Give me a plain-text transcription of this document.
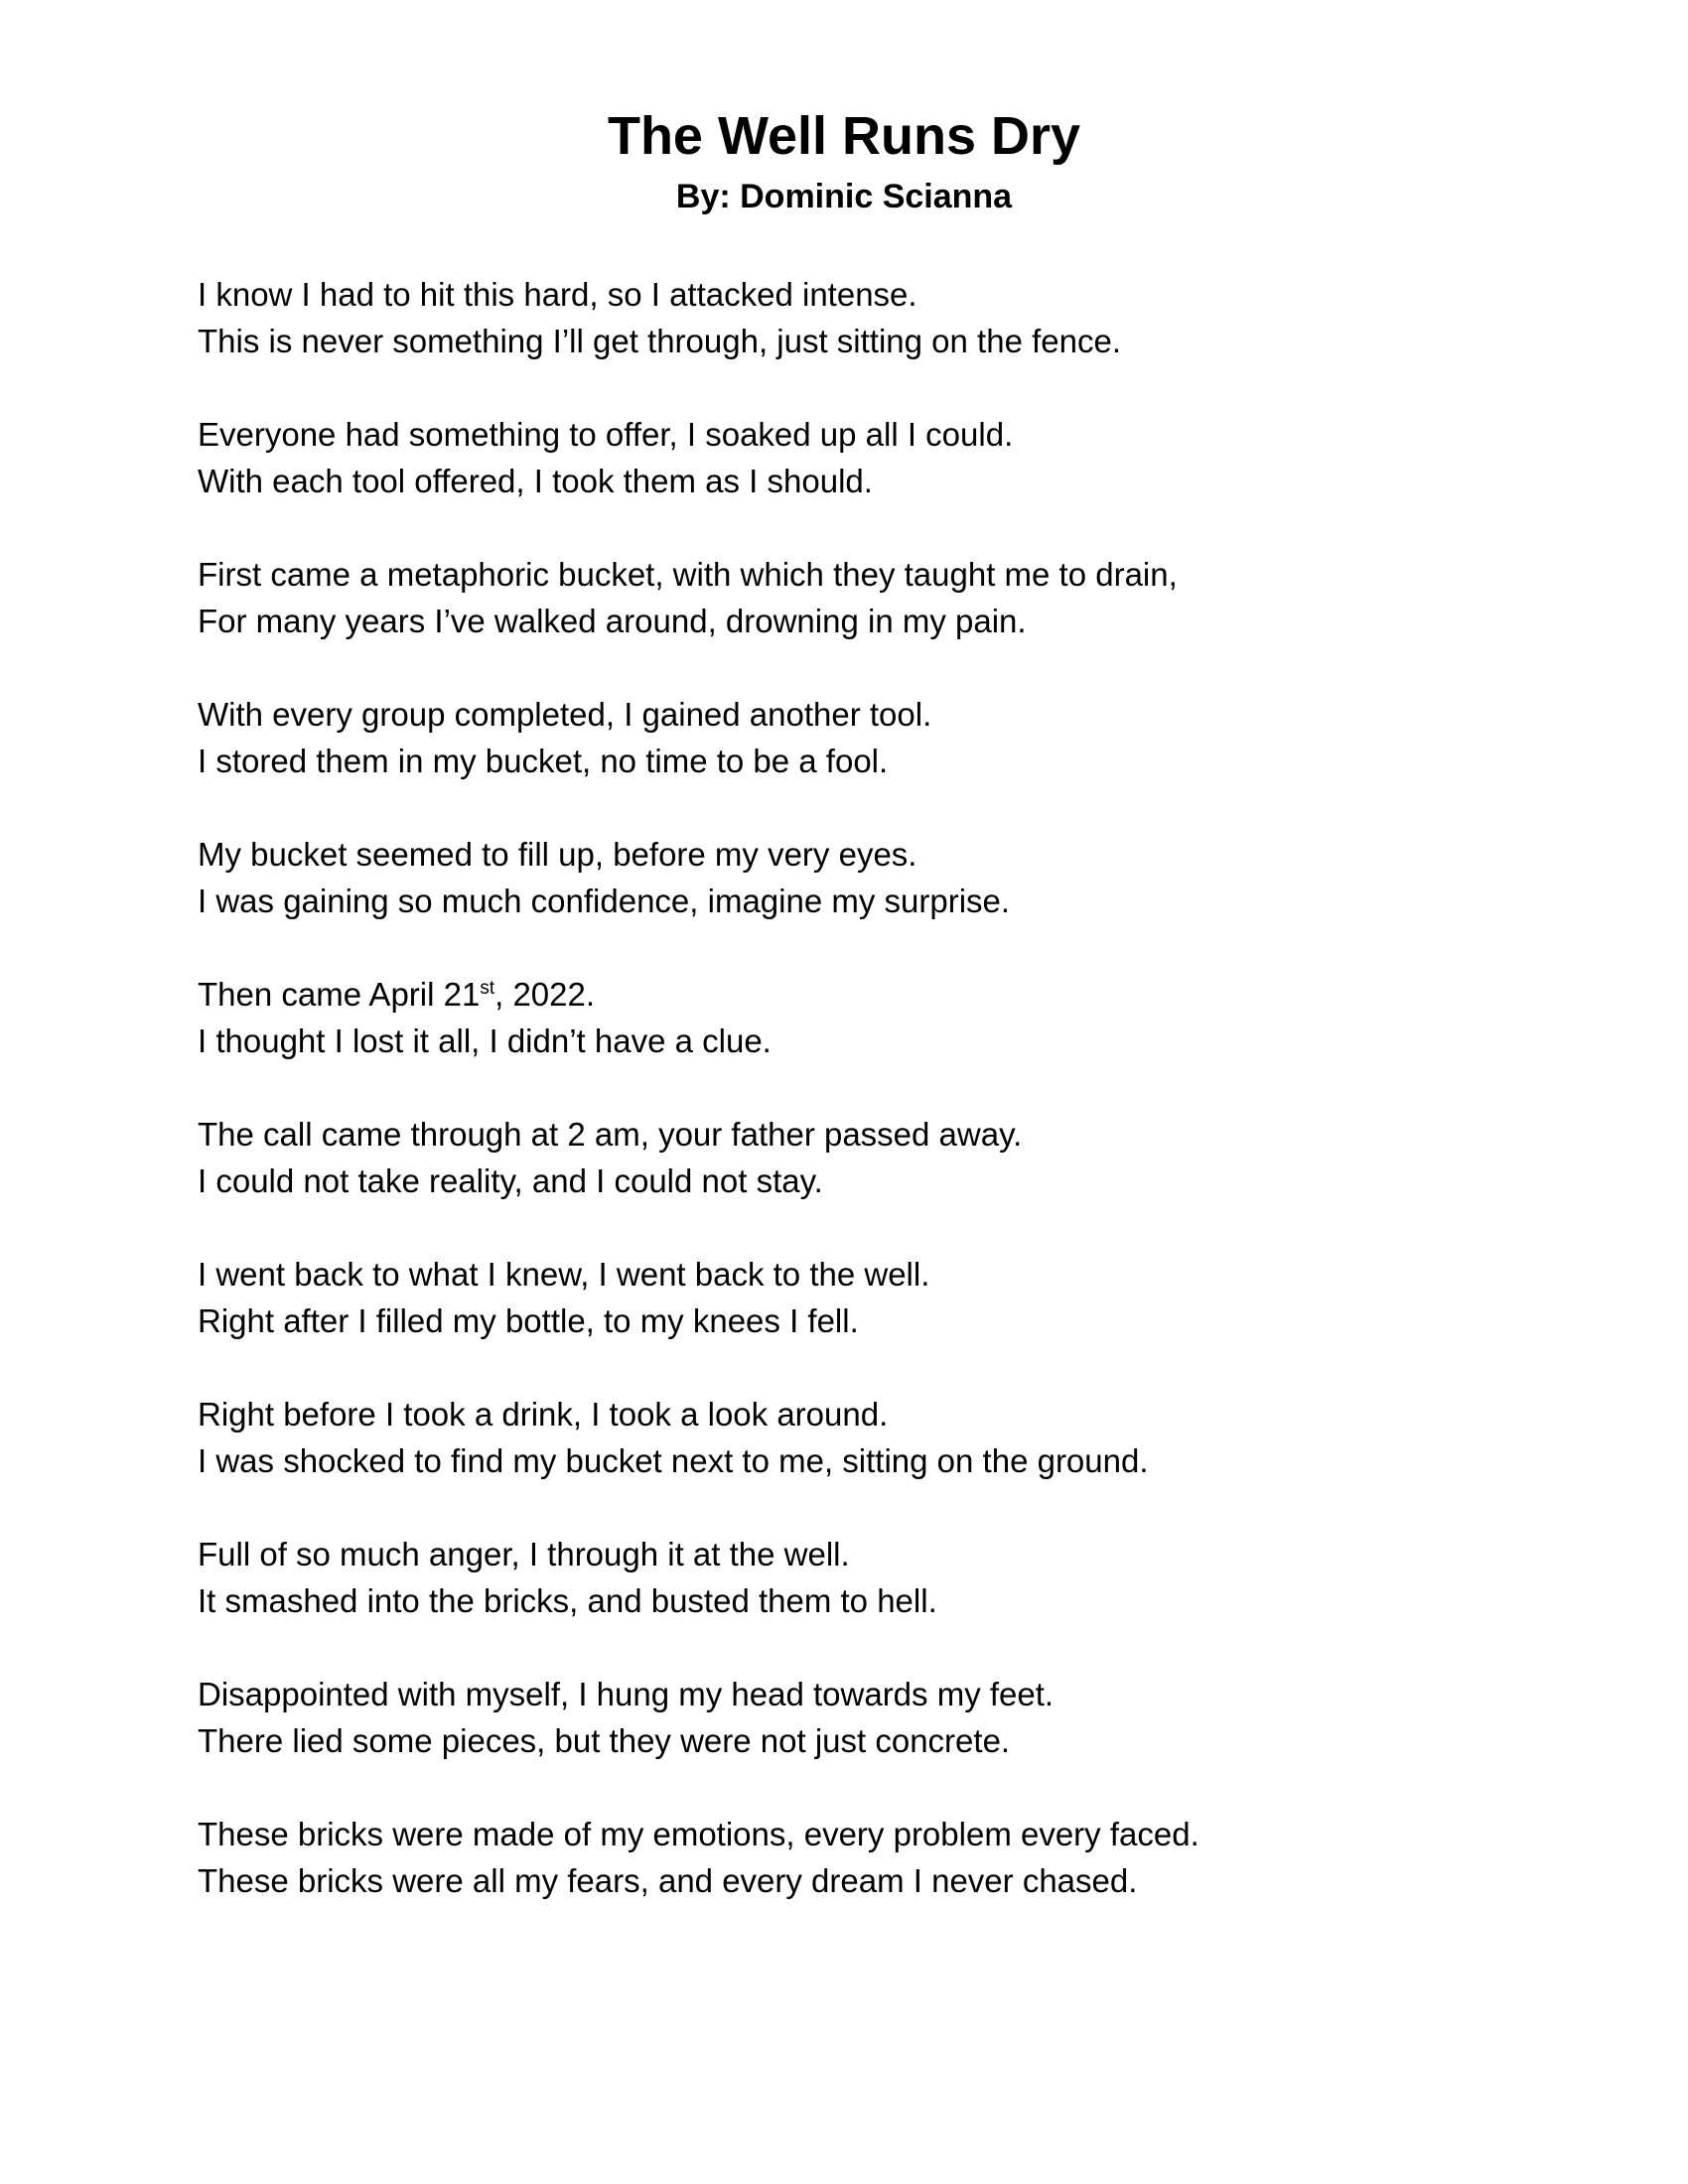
The Well Runs Dry

By: Dominic Scianna

I know I had to hit this hard, so I attacked intense.
This is never something I’ll get through, just sitting on the fence.
Everyone had something to offer, I soaked up all I could.
With each tool offered, I took them as I should.
First came a metaphoric bucket, with which they taught me to drain,
For many years I’ve walked around, drowning in my pain.
With every group completed, I gained another tool.
I stored them in my bucket, no time to be a fool.
My bucket seemed to fill up, before my very eyes.
I was gaining so much confidence, imagine my surprise.
Then came April 21st, 2022.
I thought I lost it all, I didn’t have a clue.
The call came through at 2 am, your father passed away.
I could not take reality, and I could not stay.
I went back to what I knew, I went back to the well.
Right after I filled my bottle, to my knees I fell.
Right before I took a drink, I took a look around.
I was shocked to find my bucket next to me, sitting on the ground.
Full of so much anger, I through it at the well.
It smashed into the bricks, and busted them to hell.
Disappointed with myself, I hung my head towards my feet.
There lied some pieces, but they were not just concrete.
These bricks were made of my emotions, every problem every faced.
These bricks were all my fears, and every dream I never chased.
